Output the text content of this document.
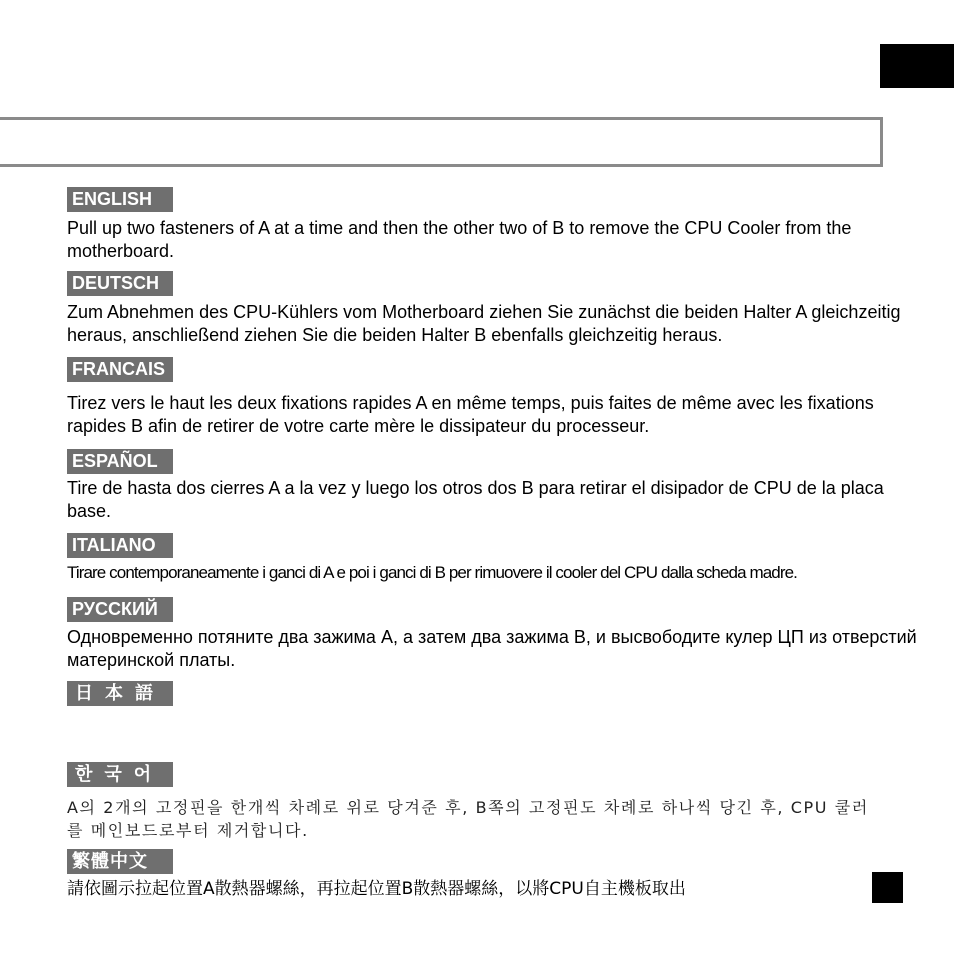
ENGLISH

Pull up two fasteners of A at a time and then the other two of B to remove the CPU Cooler from the motherboard.

DEUTSCH

Zum Abnehmen des CPU-Kühlers vom Motherboard ziehen Sie zunächst die beiden Halter A gleichzeitig heraus, anschließend ziehen Sie die beiden Halter B ebenfalls gleichzeitig heraus.

FRANCAIS

Tirez vers le haut les deux fixations rapides A en même temps, puis faites de même avec les fixations rapides B afin de retirer de votre carte mère le dissipateur du processeur.

ESPAÑOL

Tire de hasta dos cierres A a la vez y luego los otros dos B para retirar el disipador de CPU de la placa base.

ITALIANO

Tirare contemporaneamente i ganci di A e poi i ganci di B per rimuovere il cooler del CPU dalla scheda madre.

РУССКИЙ

Одновременно потяните два зажима A, а затем два зажима B, и высвободите кулер ЦП из отверстий материнской платы.

日本語
한국어

A의 2개의 고정핀을 한개씩 차례로 위로 당겨준 후, B쪽의 고정핀도 차례로 하나씩 당긴 후, CPU 쿨러를 메인보드로부터 제거합니다.

繁體中文

請依圖示拉起位置A散熱器螺絲，再拉起位置B散熱器螺絲，以將CPU自主機板取出
